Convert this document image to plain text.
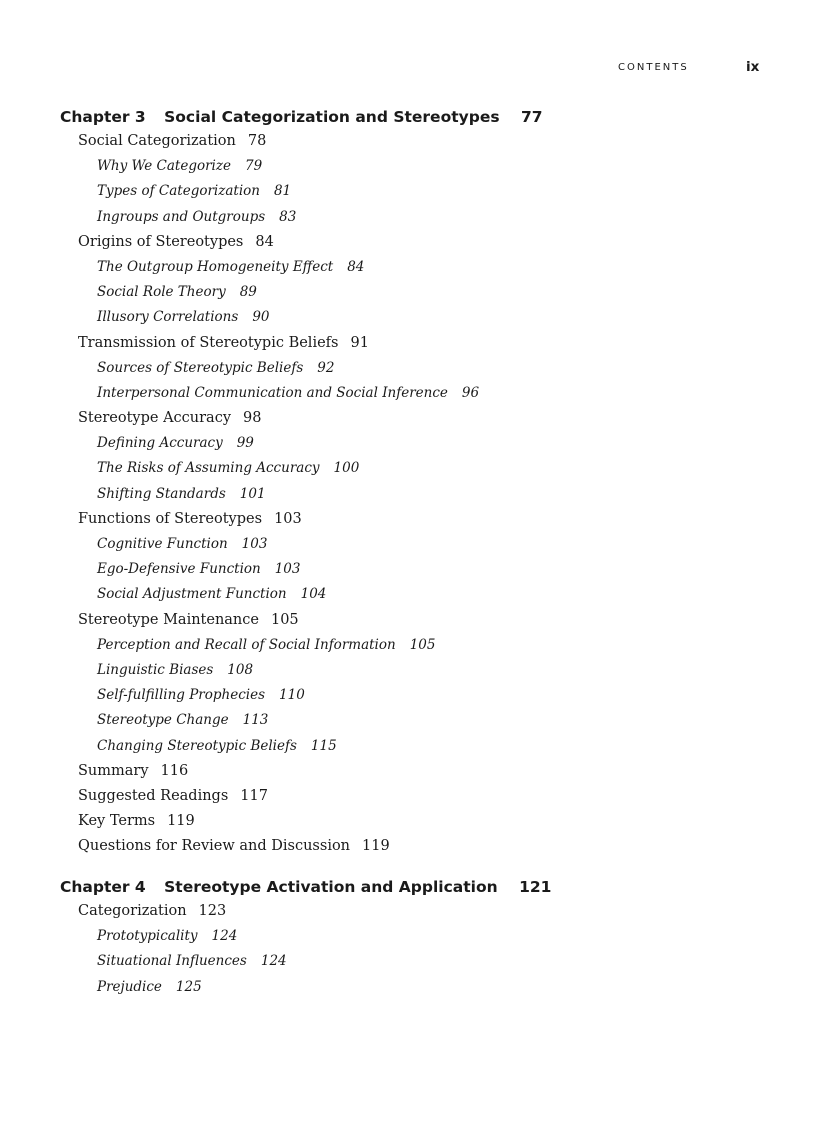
CONTENTS	ix
Chapter 3 Social Categorization and Stereotypes 77
Social Categorization 78
Why We Categorize 79
Types of Categorization 81
Ingroups and Outgroups 83
Origins of Stereotypes 84
The Outgroup Homogeneity Effect 84
Social Role Theory 89
Illusory Correlations 90
Transmission of Stereotypic Beliefs 91
Sources of Stereotypic Beliefs 92
Interpersonal Communication and Social Inference 96
Stereotype Accuracy 98
Defining Accuracy 99
The Risks of Assuming Accuracy 100
Shifting Standards 101
Functions of Stereotypes 103
Cognitive Function 103
Ego-Defensive Function 103
Social Adjustment Function 104
Stereotype Maintenance 105
Perception and Recall of Social Information 105
Linguistic Biases 108
Self-fulfilling Prophecies 110
Stereotype Change 113
Changing Stereotypic Beliefs 115
Summary 116
Suggested Readings 117
Key Terms 119
Questions for Review and Discussion 119
Chapter 4 Stereotype Activation and Application 121
Categorization 123
Prototypicality 124
Situational Influences 124
Prejudice 125
